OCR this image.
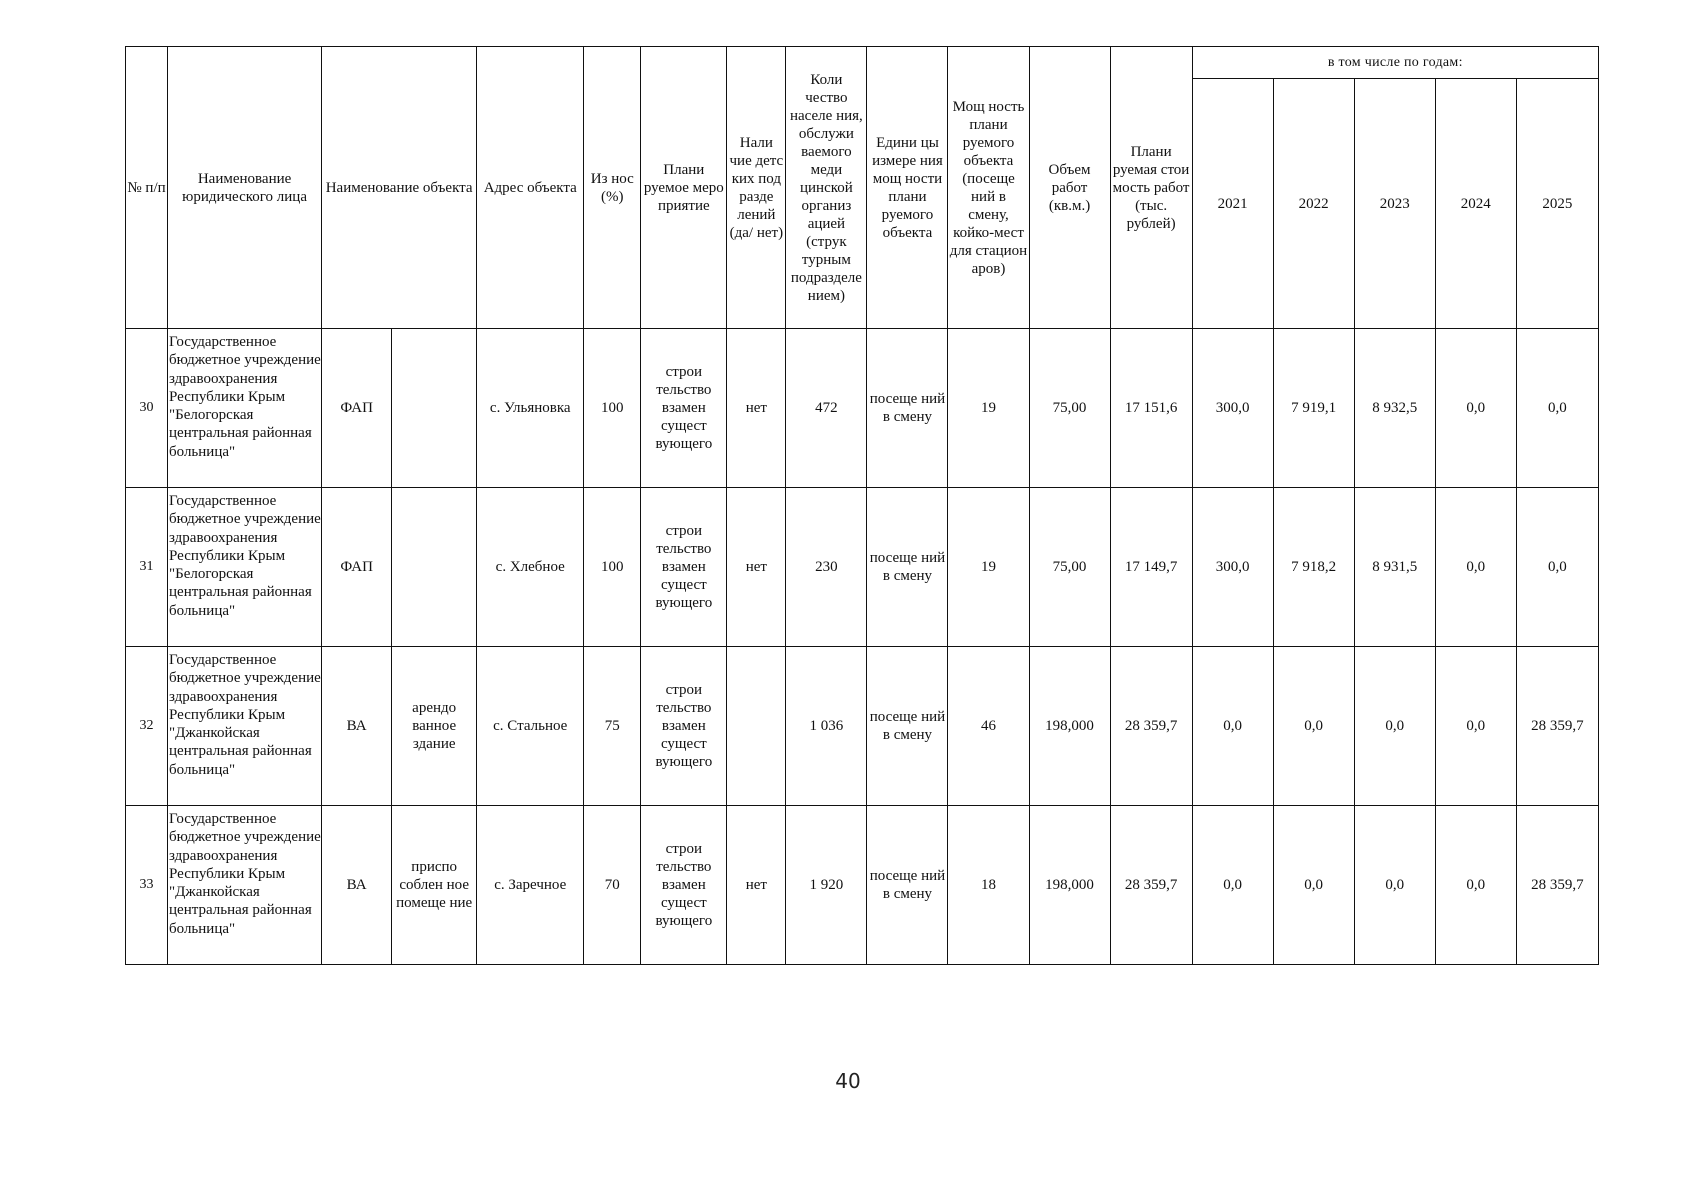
№ п/п	Наименование юридического лица	Наименование объекта		Адрес объекта	Из нос (%)	Плани руемое меро приятие	Нали чие детс ких под разде лений (да/ нет)	Коли чество населе ния, обслужи ваемого меди цинской организ ацией (струк турным подразделе нием)	Едини цы измере ния мощ ности плани руемого объекта	Мощ ность плани руемого объекта (посеще ний в смену, койко-мест для стацион аров)	Объем работ (кв.м.)	Плани руемая стои мость работ (тыс. рублей)	в том числе по годам:				
													2021	2022	2023	2024	2025
30	Государственное бюджетное учреждение здравоохранения Республики Крым "Белогорская центральная районная больница"	ФАП		с. Ульяновка	100	строи тельство взамен сущест вующего	нет	472	посеще ний в смену	19	75,00	17 151,6	300,0	7 919,1	8 932,5	0,0	0,0
31	Государственное бюджетное учреждение здравоохранения Республики Крым "Белогорская центральная районная больница"	ФАП		с. Хлебное	100	строи тельство взамен сущест вующего	нет	230	посеще ний в смену	19	75,00	17 149,7	300,0	7 918,2	8 931,5	0,0	0,0
32	Государственное бюджетное учреждение здравоохранения Республики Крым "Джанкойская центральная районная больница"	ВА	арендо ванное здание	с. Стальное	75	строи тельство взамен сущест вующего		1 036	посеще ний в смену	46	198,000	28 359,7	0,0	0,0	0,0	0,0	28 359,7
33	Государственное бюджетное учреждение здравоохранения Республики Крым "Джанкойская центральная районная больница"	ВА	приспо соблен ное помеще ние	с. Заречное	70	строи тельство взамен сущест вующего	нет	1 920	посеще ний в смену	18	198,000	28 359,7	0,0	0,0	0,0	0,0	28 359,7
40
